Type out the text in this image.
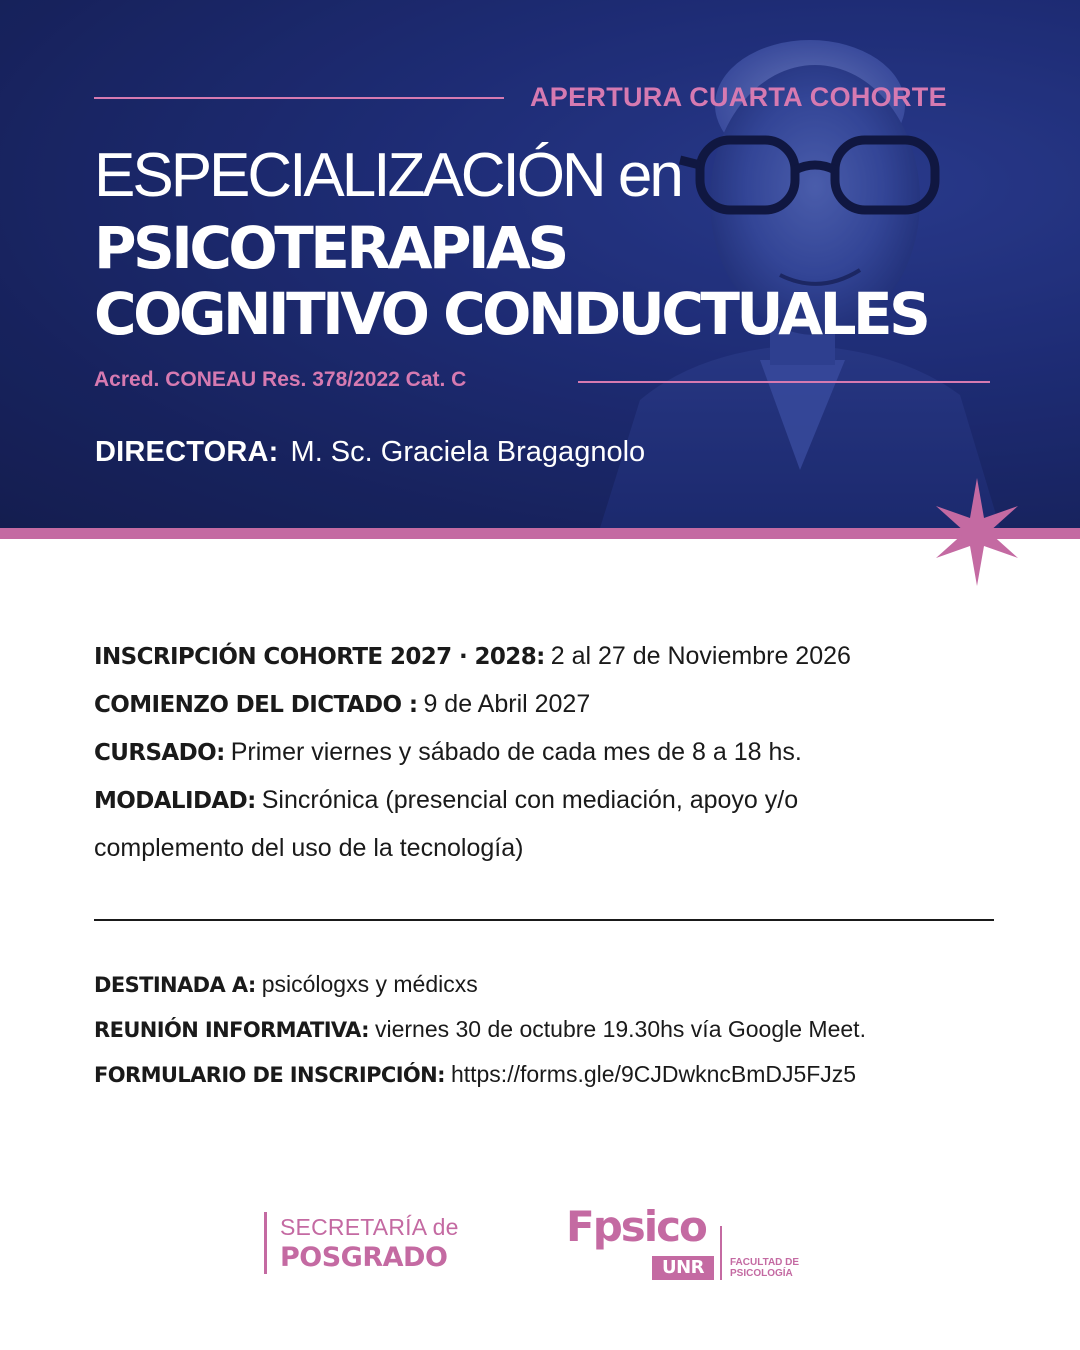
APERTURA CUARTA COHORTE
ESPECIALIZACIÓN en
PSICOTERAPIAS
COGNITIVO CONDUCTUALES
Acred. CONEAU Res. 378/2022 Cat. C
DIRECTORA: M. Sc. Graciela Bragagnolo
INSCRIPCIÓN COHORTE 2027 · 2028: 2 al 27 de Noviembre 2026
COMIENZO DEL DICTADO : 9 de Abril 2027
CURSADO: Primer viernes y sábado de cada mes de 8 a 18 hs.
MODALIDAD: Sincrónica (presencial con mediación, apoyo y/o
complemento del uso de la tecnología)
DESTINADA A: psicólogxs y médicxs
REUNIÓN INFORMATIVA: viernes 30 de octubre 19.30hs vía Google Meet.
FORMULARIO DE INSCRIPCIÓN: https://forms.gle/9CJDwkncBmDJ5FJz5
SECRETARÍA de
POSGRADO
Fpsico
UNR	FACULTAD DE
PSICOLOGÍA
